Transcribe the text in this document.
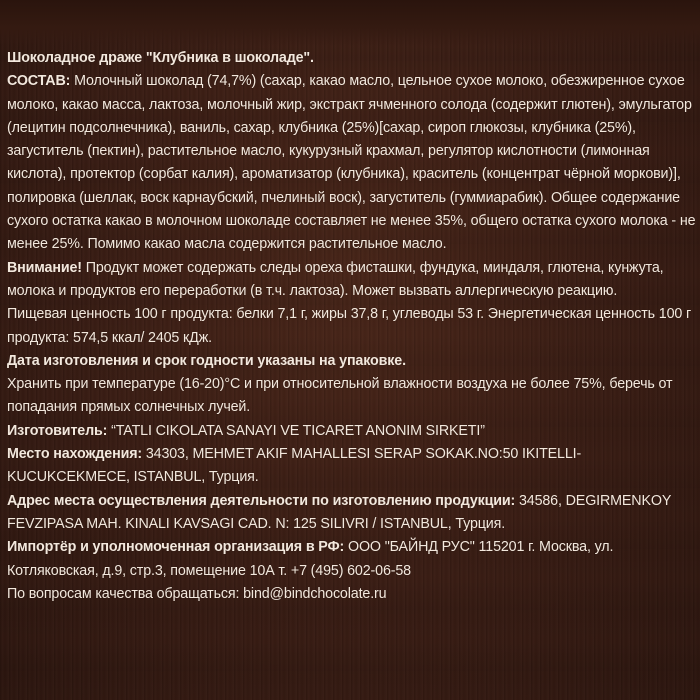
Шоколадное драже "Клубника в шоколаде".

СОСТАВ: Молочный шоколад (74,7%) (сахар, какао масло, цельное сухое молоко, обезжиренное сухое молоко, какао масса, лактоза, молочный жир, экстракт ячменного солода (содержит глютен), эмульгатор (лецитин подсолнечника), ваниль, сахар, клубника (25%)[сахар, сироп глюкозы, клубника (25%), загуститель (пектин), растительное масло, кукурузный крахмал, регулятор кислотности (лимонная кислота), протектор (сорбат калия), ароматизатор (клубника), краситель (концентрат чёрной моркови)], полировка (шеллак, воск карнаубский, пчелиный воск), загуститель (гуммиарабик). Общее содержание сухого остатка какао в молочном шоколаде составляет не менее 35%, общего остатка сухого молока - не менее 25%. Помимо какао масла содержится растительное масло.

Внимание! Продукт может содержать следы ореха фисташки, фундука, миндаля, глютена, кунжута, молока и продуктов его переработки (в т.ч. лактоза). Может вызвать аллергическую реакцию.

Пищевая ценность 100 г продукта: белки 7,1 г, жиры 37,8 г, углеводы 53 г. Энергетическая ценность 100 г продукта: 574,5 ккал/ 2405 кДж.

Дата изготовления и срок годности указаны на упаковке.

Хранить при температуре (16-20)°С и при относительной влажности воздуха не более 75%, беречь от попадания прямых солнечных лучей.

Изготовитель: “TATLI CIKOLATA SANAYI VE TICARET ANONIM SIRKETI”

Место нахождения: 34303, MEHMET AKIF MAHALLESI SERAP SOKAK.NO:50 IKITELLI-KUCUKCEKMECE, ISTANBUL, Турция.

Адрес места осуществления деятельности по изготовлению продукции: 34586, DEGIRMENKOY FEVZIPASA MAH. KINALI KAVSAGI CAD. N: 125 SILIVRI / ISTANBUL, Турция.

Импортёр и уполномоченная организация в РФ: ООО "БАЙНД РУС" 115201 г. Москва, ул. Котляковская, д.9, стр.3, помещение 10А т. +7 (495) 602-06-58

По вопросам качества обращаться: bind@bindchocolate.ru
